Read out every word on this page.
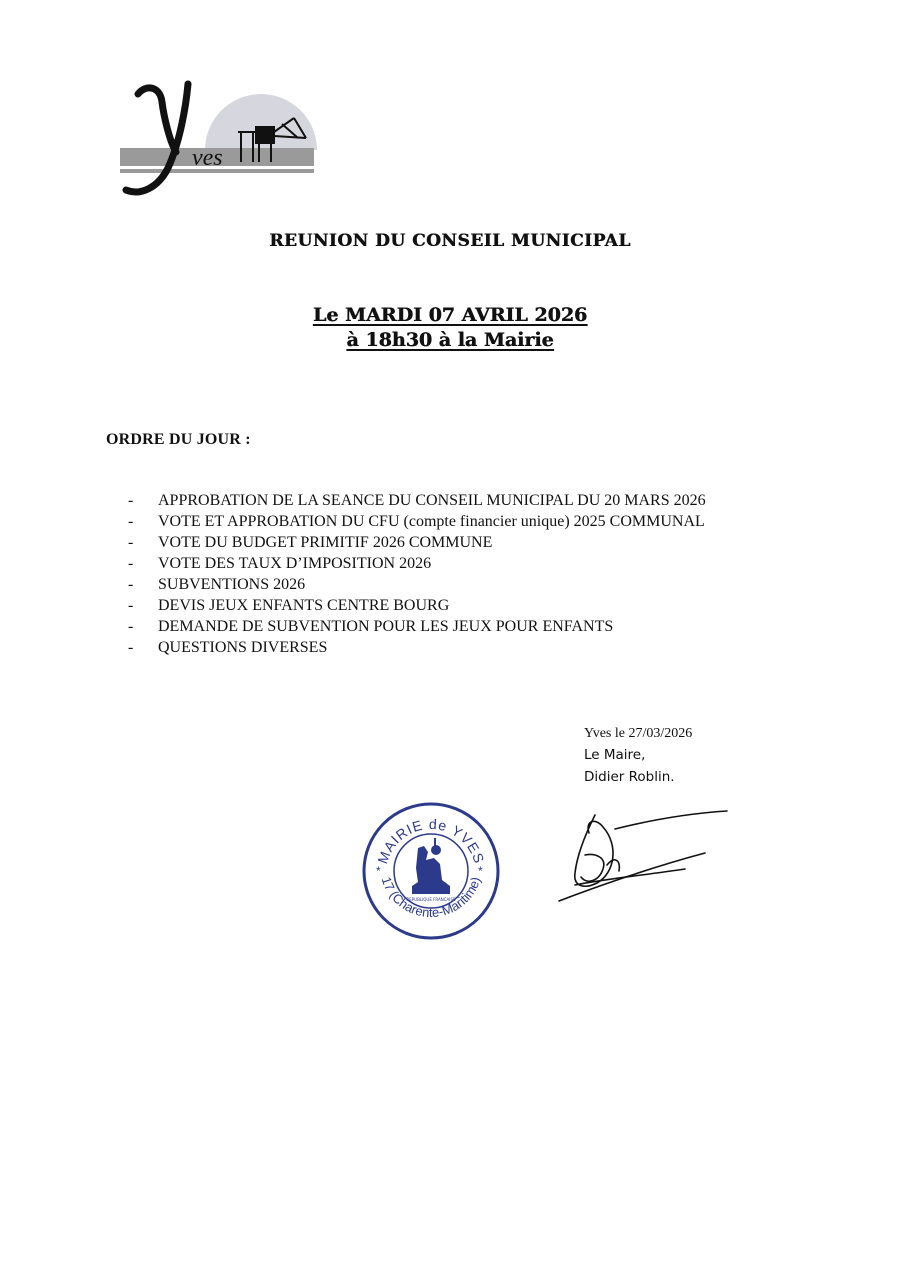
ves
REUNION DU CONSEIL MUNICIPAL
Le MARDI 07 AVRIL 2026
à 18h30 à la Mairie
ORDRE DU JOUR :
- APPROBATION DE LA SEANCE DU CONSEIL MUNICIPAL DU 20 MARS 2026
- VOTE ET APPROBATION DU CFU (compte financier unique) 2025 COMMUNAL
- VOTE DU BUDGET PRIMITIF 2026 COMMUNE
- VOTE DES TAUX D’IMPOSITION 2026
- SUBVENTIONS 2026
- DEVIS JEUX ENFANTS CENTRE BOURG
- DEMANDE DE SUBVENTION POUR LES JEUX POUR ENFANTS
- QUESTIONS DIVERSES
Yves le 27/03/2026
Le Maire,
Didier Roblin.
MAIRIE de YVES
17 (Charente-Maritime)
*	*
REPUBLIQUE FRANCAISE
